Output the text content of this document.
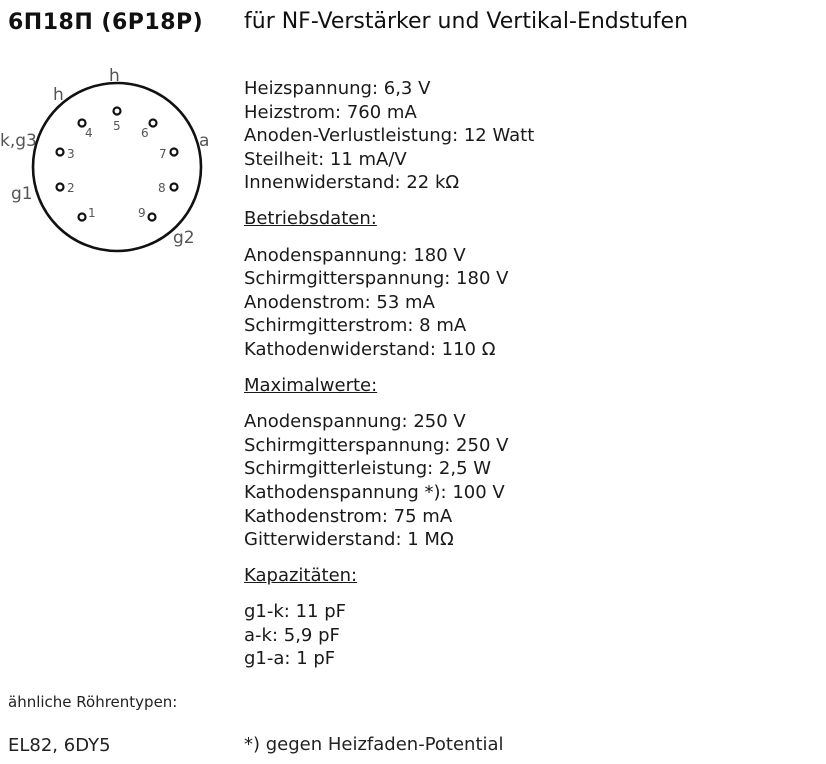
6П18П (6Р18Р) für NF-Verstärker und Vertikal-Endstufen
5
4	6
3	7
2	8
1	9
h
h
k,g3
g1
a
g2
Heizspannung: 6,3 V
Heizstrom: 760 mA
Anoden-Verlustleistung: 12 Watt
Steilheit: 11 mA/V
Innenwiderstand: 22 kΩ
Betriebsdaten:
Anodenspannung: 180 V
Schirmgitterspannung: 180 V
Anodenstrom: 53 mA
Schirmgitterstrom: 8 mA
Kathodenwiderstand: 110 Ω
Maximalwerte:
Anodenspannung: 250 V
Schirmgitterspannung: 250 V
Schirmgitterleistung: 2,5 W
Kathodenspannung *): 100 V
Kathodenstrom: 75 mA
Gitterwiderstand: 1 MΩ
Kapazitäten:
g1-k: 11 pF
a-k: 5,9 pF
g1-a: 1 pF
ähnliche Röhrentypen:
EL82, 6DY5	*) gegen Heizfaden-Potential
